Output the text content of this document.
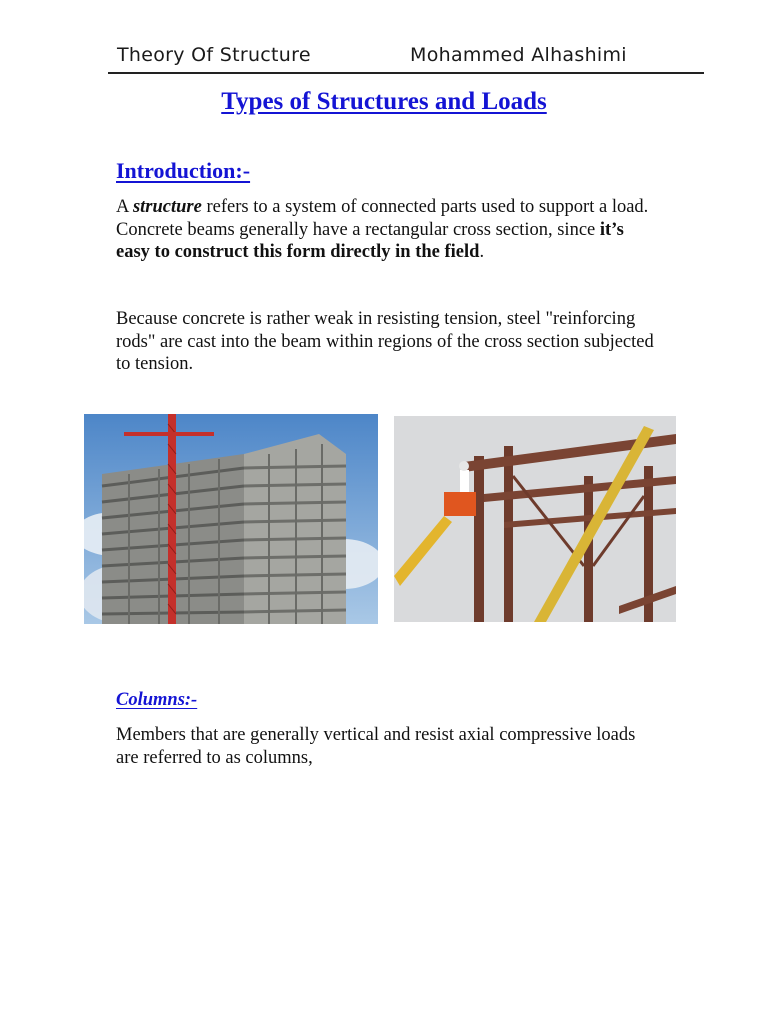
Theory Of Structure	Mohammed Alhashimi
Types of Structures and Loads
Introduction:-
A structure refers to a system of connected parts used to support a load.
Concrete beams generally have a rectangular cross section, since it’s easy to construct this form directly in the field.
Because concrete is rather weak in resisting tension, steel "reinforcing rods" are cast into the beam within regions of the cross section subjected to tension.
Columns:-
Members that are generally vertical and resist axial compressive loads are referred to as columns,
